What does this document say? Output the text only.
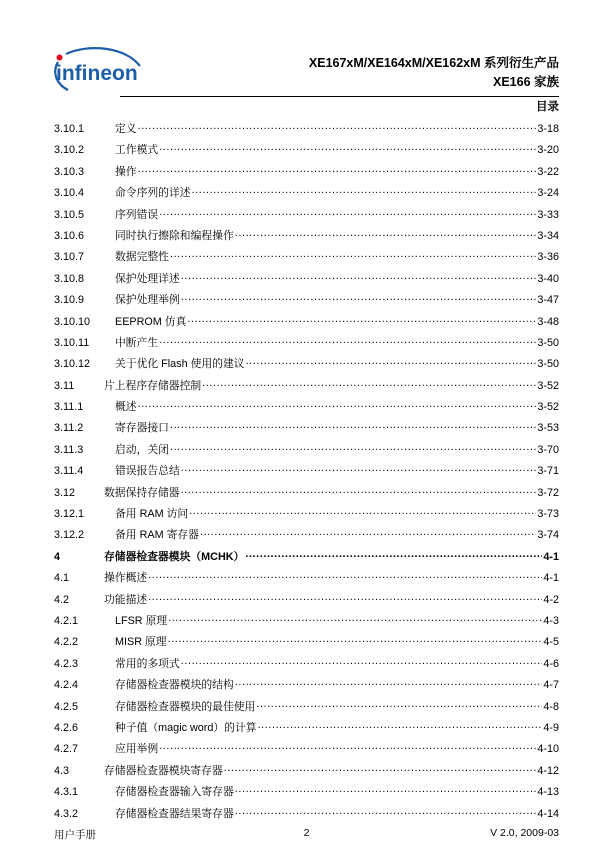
infineon	XE167xM/XE164xM/XE162xM 系列衍生产品
XE166 家族
目录
3.10.1	定义 .....	3-18
3.10.2	工作模式 .....	3-20
3.10.3	操作 .....	3-22
3.10.4	命令序列的详述 .....	3-24
3.10.5	序列错误 .....	3-33
3.10.6	同时执行擦除和编程操作 .....	3-34
3.10.7	数据完整性 .....	3-36
3.10.8	保护处理详述 .....	3-40
3.10.9	保护处理举例 .....	3-47
3.10.10	EEPROM 仿真 .....	3-48
3.10.11	中断产生 .....	3-50
3.10.12	关于优化 Flash 使用的建议 .....	3-50
3.11	片上程序存储器控制 .....	3-52
3.11.1	概述 .....	3-52
3.11.2	寄存器接口 .....	3-53
3.11.3	启动，关闭 .....	3-70
3.11.4	错误报告总结 .....	3-71
3.12	数据保持存储器 .....	3-72
3.12.1	备用 RAM 访问 .....	3-73
3.12.2	备用 RAM 寄存器 .....	3-74
4	存储器检查器模块（MCHK） .....	4-1
4.1	操作概述 .....	4-1
4.2	功能描述 .....	4-2
4.2.1	LFSR 原理 .....	4-3
4.2.2	MISR 原理 .....	4-5
4.2.3	常用的多项式 .....	4-6
4.2.4	存储器检查器模块的结构 .....	4-7
4.2.5	存储器检查器模块的最佳使用 .....	4-8
4.2.6	种子值（magic word）的计算 .....	4-9
4.2.7	应用举例 .....	4-10
4.3	存储器检查器模块寄存器 .....	4-12
4.3.1	存储器检查器输入寄存器 .....	4-13
4.3.2	存储器检查器结果寄存器 .....	4-14
用户手册	2	V 2.0, 2009-03
